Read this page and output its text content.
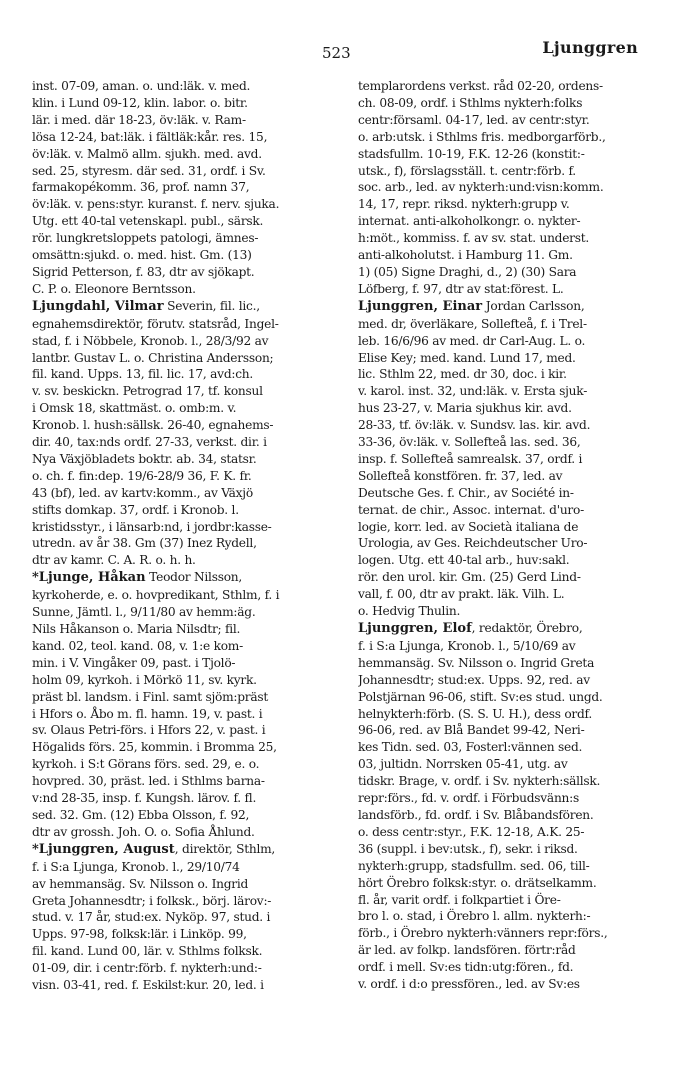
523	Ljunggren
inst. 07-09, aman. o. und:läk. v. med.
klin. i Lund 09-12, klin. labor. o. bitr.
lär. i med. där 18-23, öv:läk. v. Ram-
lösa 12-24, bat:läk. i fältläk:kår. res. 15,
öv:läk. v. Malmö allm. sjukh. med. avd.
sed. 25, styresm. där sed. 31, ordf. i Sv.
farmakopékomm. 36, prof. namn 37,
öv:läk. v. pens:styr. kuranst. f. nerv. sjuka.
Utg. ett 40-tal vetenskapl. publ., särsk.
rör. lungkretsloppets patologi, ämnes-
omsättn:sjukd. o. med. hist. Gm. (13)
Sigrid Petterson, f. 83, dtr av sjökapt.
C. P. o. Eleonore Berntsson.
Ljungdahl, Vilmar Severin, fil. lic.,
egnahemsdirektör, förutv. statsråd, Ingel-
stad, f. i Nöbbele, Kronob. l., 28/3/92 av
lantbr. Gustav L. o. Christina Andersson;
fil. kand. Upps. 13, fil. lic. 17, avd:ch.
v. sv. beskickn. Petrograd 17, tf. konsul
i Omsk 18, skattmäst. o. omb:m. v.
Kronob. l. hush:sällsk. 26-40, egnahems-
dir. 40, tax:nds ordf. 27-33, verkst. dir. i
Nya Växjöbladets boktr. ab. 34, statsr.
o. ch. f. fin:dep. 19/6-28/9 36, F. K. fr.
43 (bf), led. av kartv:komm., av Växjö
stifts domkap. 37, ordf. i Kronob. l.
kristidsstyr., i länsarb:nd, i jordbr:kasse-
utredn. av år 38. Gm (37) Inez Rydell,
dtr av kamr. C. A. R. o. h. h.
*Ljunge, Håkan Teodor Nilsson,
kyrkoherde, e. o. hovpredikant, Sthlm, f. i
Sunne, Jämtl. l., 9/11/80 av hemm:äg.
Nils Håkanson o. Maria Nilsdtr; fil.
kand. 02, teol. kand. 08, v. 1:e kom-
min. i V. Vingåker 09, past. i Tjolö-
holm 09, kyrkoh. i Mörkö 11, sv. kyrk.
präst bl. landsm. i Finl. samt sjöm:präst
i Hfors o. Åbo m. fl. hamn. 19, v. past. i
sv. Olaus Petri-förs. i Hfors 22, v. past. i
Högalids förs. 25, kommin. i Bromma 25,
kyrkoh. i S:t Görans förs. sed. 29, e. o.
hovpred. 30, präst. led. i Sthlms barna-
v:nd 28-35, insp. f. Kungsh. lärov. f. fl.
sed. 32. Gm. (12) Ebba Olsson, f. 92,
dtr av grossh. Joh. O. o. Sofia Åhlund.
*Ljunggren, August, direktör, Sthlm,
f. i S:a Ljunga, Kronob. l., 29/10/74
av hemmansäg. Sv. Nilsson o. Ingrid
Greta Johannesdtr; i folksk., börj. lärov:-
stud. v. 17 år, stud:ex. Nyköp. 97, stud. i
Upps. 97-98, folksk:lär. i Linköp. 99,
fil. kand. Lund 00, lär. v. Sthlms folksk.
01-09, dir. i centr:förb. f. nykterh:und:-
visn. 03-41, red. f. Eskilst:kur. 20, led. i
templarordens verkst. råd 02-20, ordens-
ch. 08-09, ordf. i Sthlms nykterh:folks
centr:församl. 04-17, led. av centr:styr.
o. arb:utsk. i Sthlms fris. medborgarförb.,
stadsfullm. 10-19, F.K. 12-26 (konstit:-
utsk., f), förslagsställ. t. centr:förb. f.
soc. arb., led. av nykterh:und:visn:komm.
14, 17, repr. riksd. nykterh:grupp v.
internat. anti-alkoholkongr. o. nykter-
h:möt., kommiss. f. av sv. stat. underst.
anti-alkoholutst. i Hamburg 11. Gm.
1) (05) Signe Draghi, d., 2) (30) Sara
Löfberg, f. 97, dtr av stat:förest. L.
Ljunggren, Einar Jordan Carlsson,
med. dr, överläkare, Sollefteå, f. i Trel-
leb. 16/6/96 av med. dr Carl-Aug. L. o.
Elise Key; med. kand. Lund 17, med.
lic. Sthlm 22, med. dr 30, doc. i kir.
v. karol. inst. 32, und:läk. v. Ersta sjuk-
hus 23-27, v. Maria sjukhus kir. avd.
28-33, tf. öv:läk. v. Sundsv. las. kir. avd.
33-36, öv:läk. v. Sollefteå las. sed. 36,
insp. f. Sollefteå samrealsk. 37, ordf. i
Sollefteå konstfören. fr. 37, led. av
Deutsche Ges. f. Chir., av Société in-
ternat. de chir., Assoc. internat. d'uro-
logie, korr. led. av Società italiana de
Urologia, av Ges. Reichdeutscher Uro-
logen. Utg. ett 40-tal arb., huv:sakl.
rör. den urol. kir. Gm. (25) Gerd Lind-
vall, f. 00, dtr av prakt. läk. Vilh. L.
o. Hedvig Thulin.
Ljunggren, Elof, redaktör, Örebro,
f. i S:a Ljunga, Kronob. l., 5/10/69 av
hemmansäg. Sv. Nilsson o. Ingrid Greta
Johannesdtr; stud:ex. Upps. 92, red. av
Polstjärnan 96-06, stift. Sv:es stud. ungd.
helnykterh:förb. (S. S. U. H.), dess ordf.
96-06, red. av Blå Bandet 99-42, Neri-
kes Tidn. sed. 03, Fosterl:vännen sed.
03, jultidn. Norrsken 05-41, utg. av
tidskr. Brage, v. ordf. i Sv. nykterh:sällsk.
repr:förs., fd. v. ordf. i Förbudsvänn:s
landsförb., fd. ordf. i Sv. Blåbandsfören.
o. dess centr:styr., F.K. 12-18, A.K. 25-
36 (suppl. i bev:utsk., f), sekr. i riksd.
nykterh:grupp, stadsfullm. sed. 06, till-
hört Örebro folksk:styr. o. drätselkamm.
fl. år, varit ordf. i folkpartiet i Öre-
bro l. o. stad, i Örebro l. allm. nykterh:-
förb., i Örebro nykterh:vänners repr:förs.,
är led. av folkp. landsfören. förtr:råd
ordf. i mell. Sv:es tidn:utg:fören., fd.
v. ordf. i d:o pressfören., led. av Sv:es
